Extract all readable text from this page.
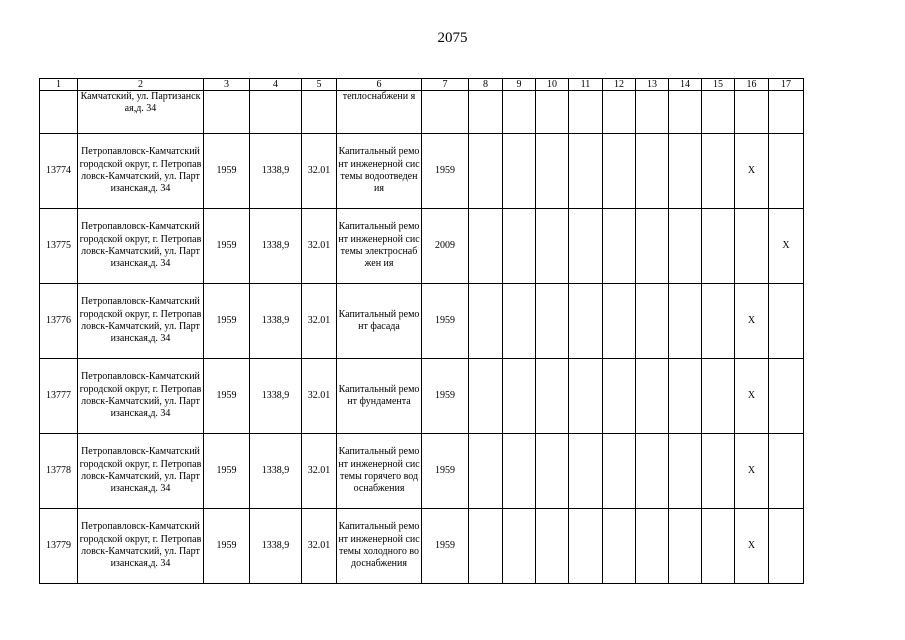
2075
1	2	3	4	5	6	7	8	9	10	11	12	13	14	15	16	17
	Камчатский, ул. Партизанская,д. 34				теплоснабжени я											
13774	Петропавловск-Камчатский городской округ, г. Петропавловск-Камчатский, ул. Партизанская,д. 34	1959	1338,9	32.01	Капитальный ремонт инженерной системы водоотведения	1959									X	
13775	Петропавловск-Камчатский городской округ, г. Петропавловск-Камчатский, ул. Партизанская,д. 34	1959	1338,9	32.01	Капитальный ремонт инженерной системы электроснабжен ия	2009										X
13776	Петропавловск-Камчатский городской округ, г. Петропавловск-Камчатский, ул. Партизанская,д. 34	1959	1338,9	32.01	Капитальный ремонт фасада	1959									X	
13777	Петропавловск-Камчатский городской округ, г. Петропавловск-Камчатский, ул. Партизанская,д. 34	1959	1338,9	32.01	Капитальный ремонт фундамента	1959									X	
13778	Петропавловск-Камчатский городской округ, г. Петропавловск-Камчатский, ул. Партизанская,д. 34	1959	1338,9	32.01	Капитальный ремонт инженерной системы горячего водоснабжения	1959									X	
13779	Петропавловск-Камчатский городской округ, г. Петропавловск-Камчатский, ул. Партизанская,д. 34	1959	1338,9	32.01	Капитальный ремонт инженерной системы холодного водоснабжения	1959									X	
